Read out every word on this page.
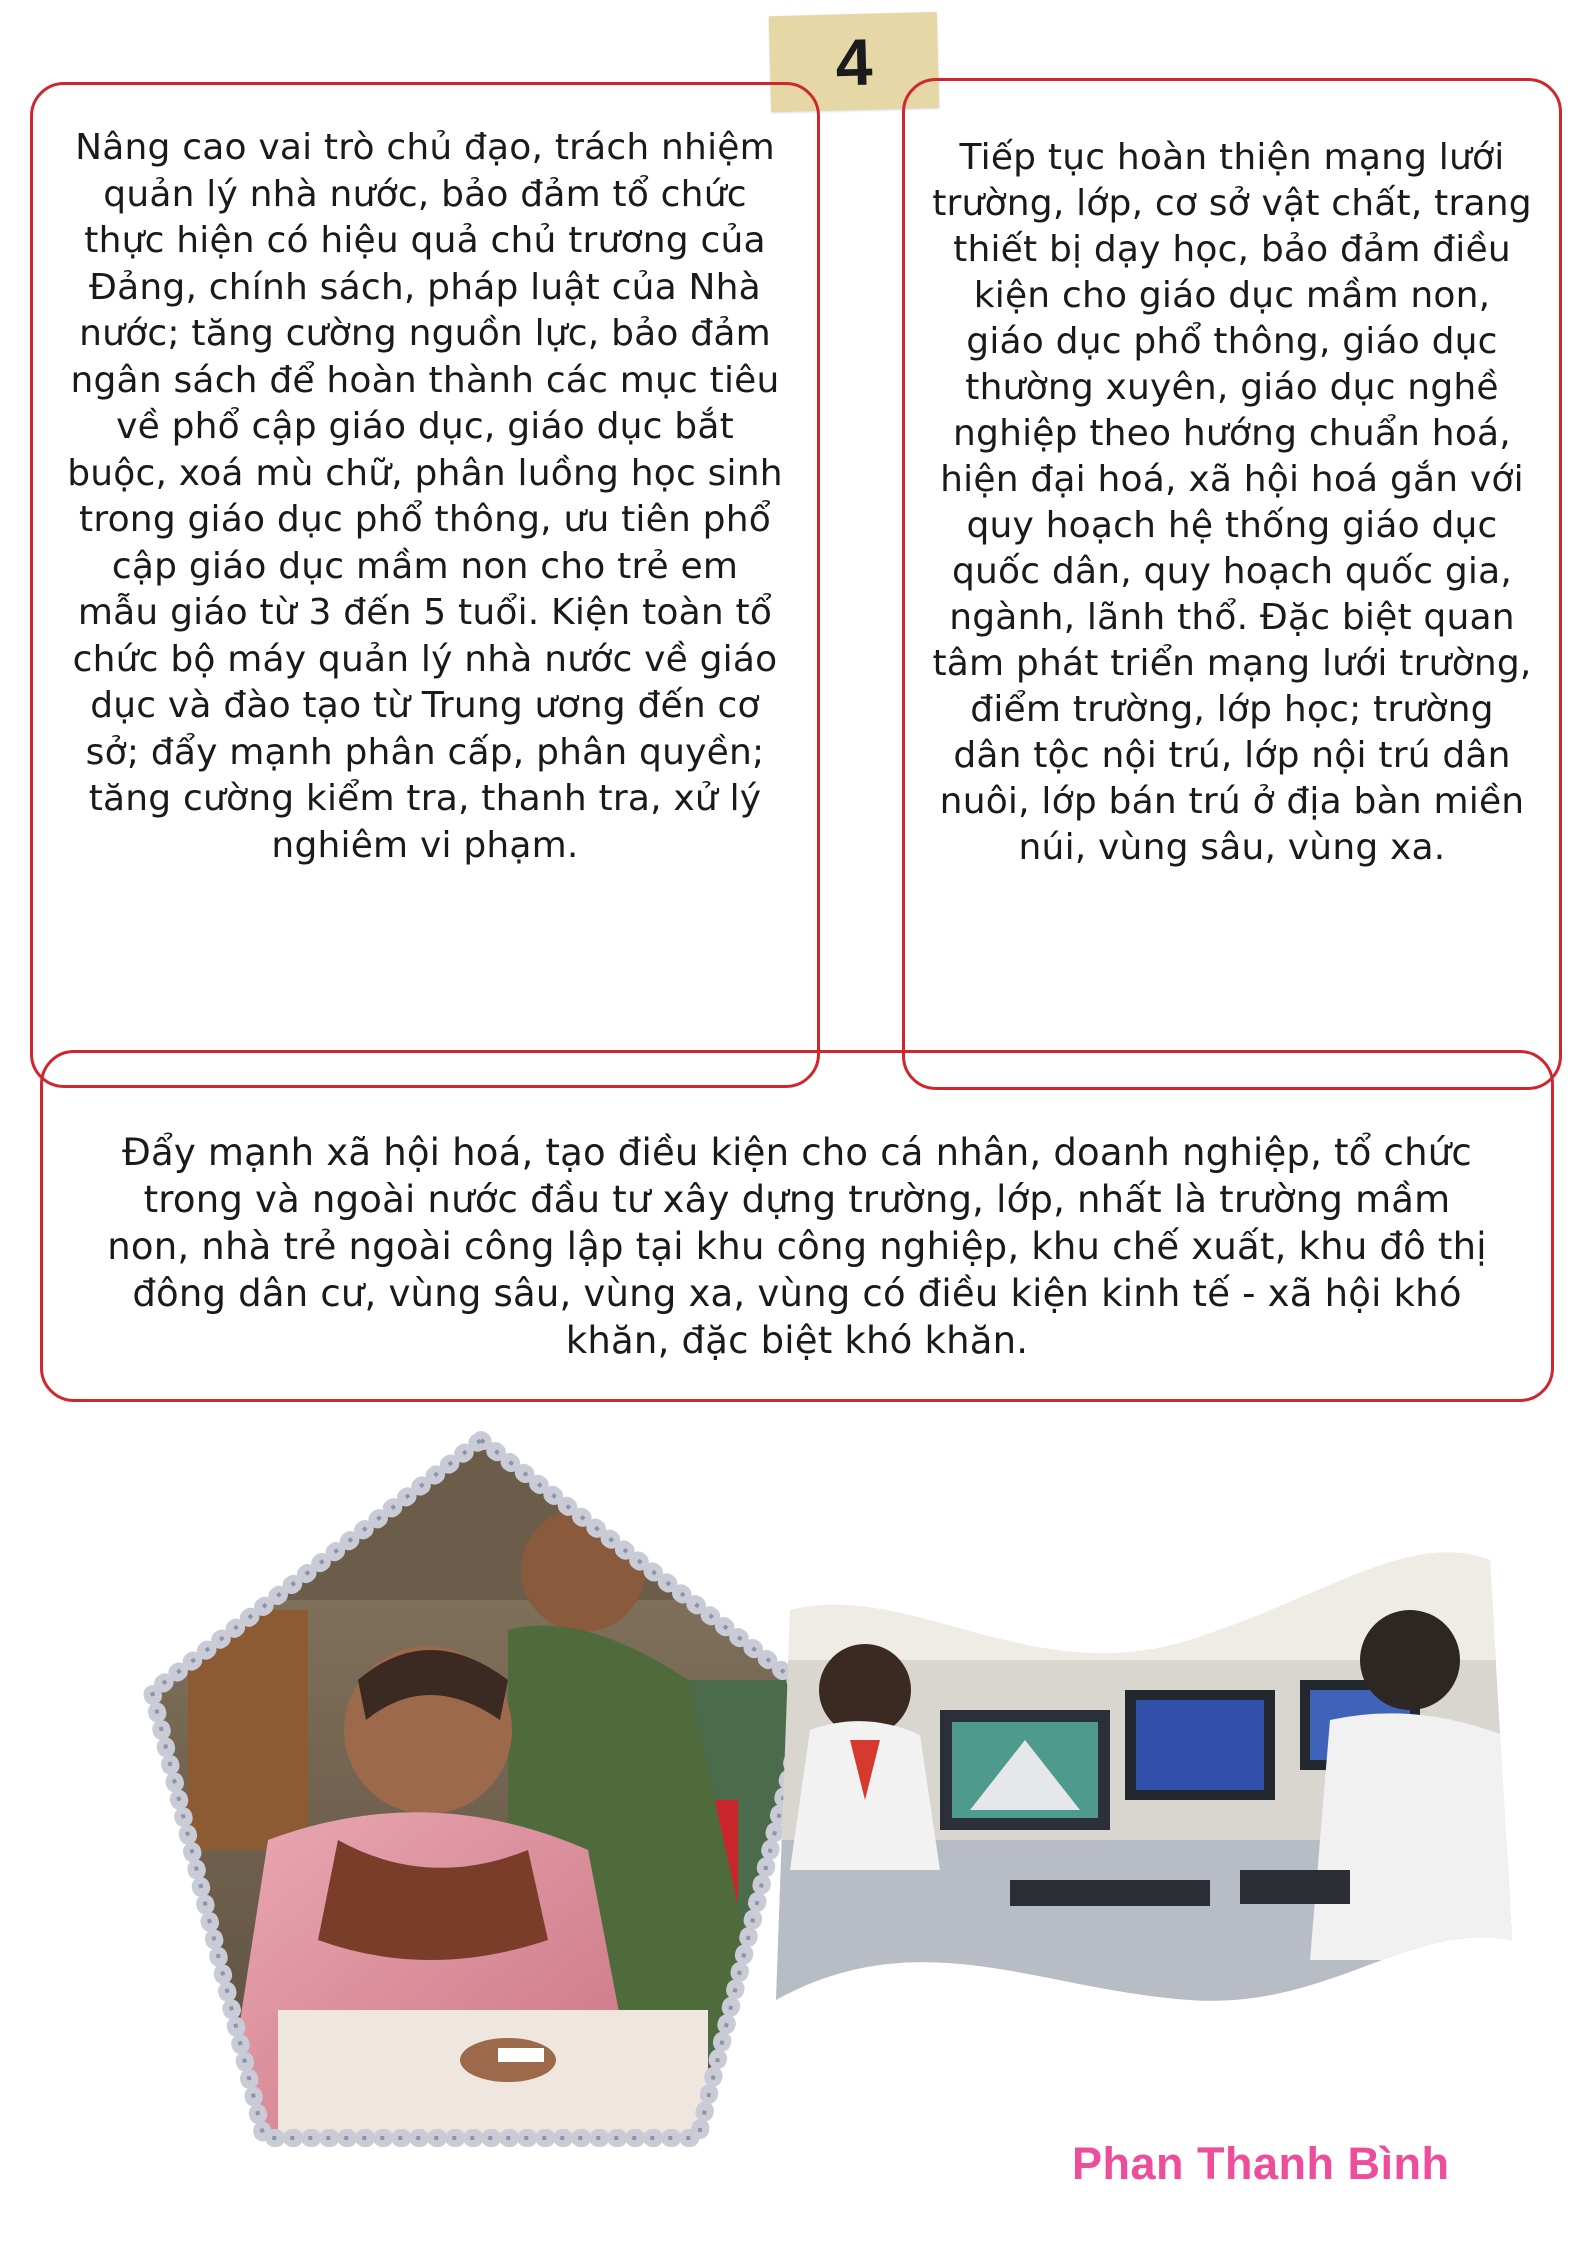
4

Nâng cao vai trò chủ đạo, trách nhiệm quản lý nhà nước, bảo đảm tổ chức thực hiện có hiệu quả chủ trương của Đảng, chính sách, pháp luật của Nhà nước; tăng cường nguồn lực, bảo đảm ngân sách để hoàn thành các mục tiêu về phổ cập giáo dục, giáo dục bắt buộc, xoá mù chữ, phân luồng học sinh trong giáo dục phổ thông, ưu tiên phổ cập giáo dục mầm non cho trẻ em mẫu giáo từ 3 đến 5 tuổi. Kiện toàn tổ chức bộ máy quản lý nhà nước về giáo dục và đào tạo từ Trung ương đến cơ sở; đẩy mạnh phân cấp, phân quyền; tăng cường kiểm tra, thanh tra, xử lý nghiêm vi phạm.

Tiếp tục hoàn thiện mạng lưới trường, lớp, cơ sở vật chất, trang thiết bị dạy học, bảo đảm điều kiện cho giáo dục mầm non, giáo dục phổ thông, giáo dục thường xuyên, giáo dục nghề nghiệp theo hướng chuẩn hoá, hiện đại hoá, xã hội hoá gắn với quy hoạch hệ thống giáo dục quốc dân, quy hoạch quốc gia, ngành, lãnh thổ. Đặc biệt quan tâm phát triển mạng lưới trường, điểm trường, lớp học; trường dân tộc nội trú, lớp nội trú dân nuôi, lớp bán trú ở địa bàn miền núi, vùng sâu, vùng xa.

Đẩy mạnh xã hội hoá, tạo điều kiện cho cá nhân, doanh nghiệp, tổ chức trong và ngoài nước đầu tư xây dựng trường, lớp, nhất là trường mầm non, nhà trẻ ngoài công lập tại khu công nghiệp, khu chế xuất, khu đô thị đông dân cư, vùng sâu, vùng xa, vùng có điều kiện kinh tế - xã hội khó khăn, đặc biệt khó khăn.

Phan Thanh Bình
